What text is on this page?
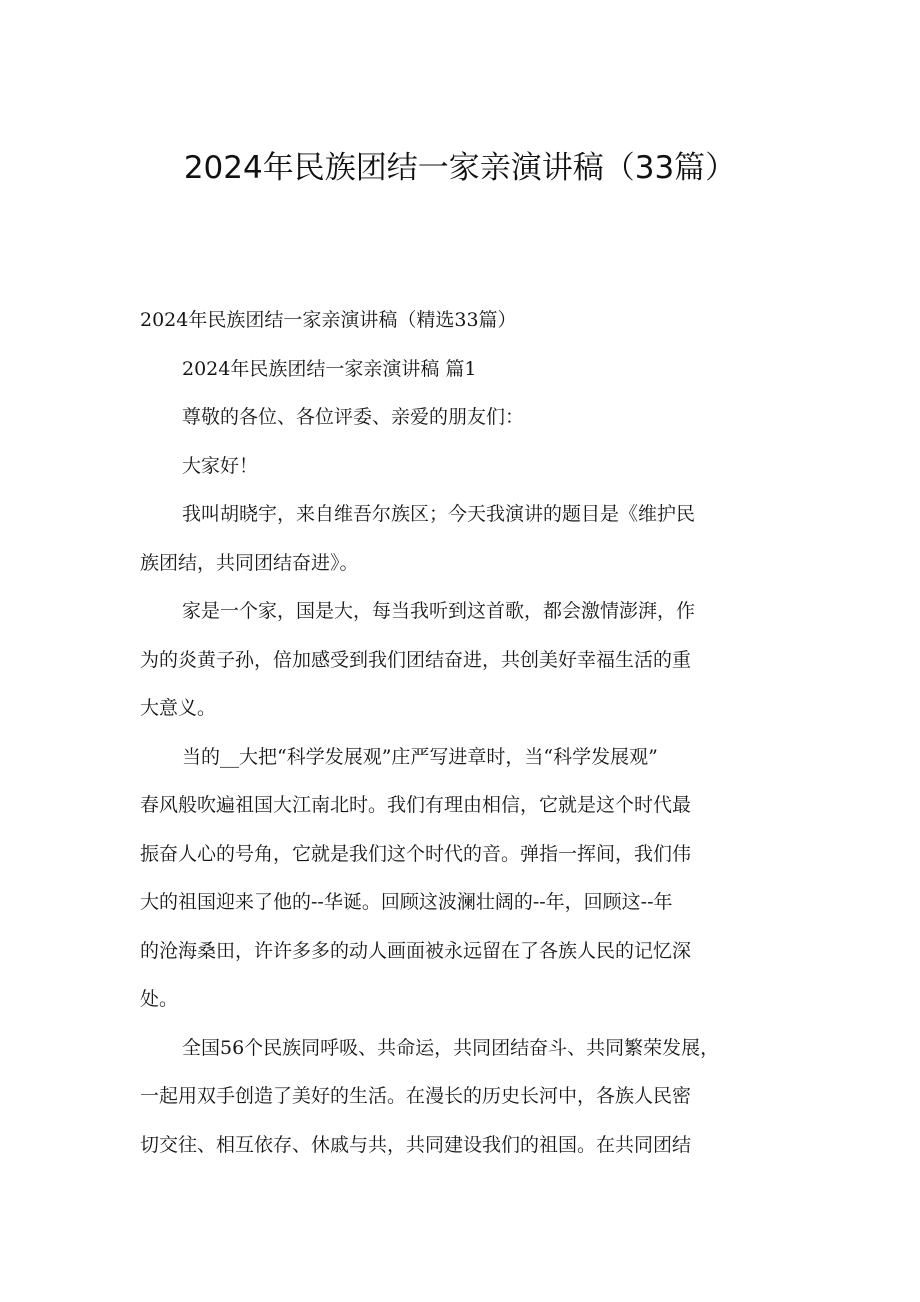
2024年民族团结一家亲演讲稿（33篇）
2024年民族团结一家亲演讲稿（精选33篇）
2024年民族团结一家亲演讲稿 篇1
尊敬的各位、各位评委、亲爱的朋友们：
大家好！
我叫胡晓宇，来自维吾尔族区；今天我演讲的题目是《维护民
族团结，共同团结奋进》。
家是一个家，国是大，每当我听到这首歌，都会激情澎湃，作
为的炎黄子孙，倍加感受到我们团结奋进，共创美好幸福生活的重
大意义。
当的__大把“科学发展观”庄严写进章时，当“科学发展观”
春风般吹遍祖国大江南北时。我们有理由相信，它就是这个时代最
振奋人心的号角，它就是我们这个时代的音。弹指一挥间，我们伟
大的祖国迎来了他的--华诞。回顾这波澜壮阔的--年，回顾这--年
的沧海桑田，许许多多的动人画面被永远留在了各族人民的记忆深
处。
全国56个民族同呼吸、共命运，共同团结奋斗、共同繁荣发展，
一起用双手创造了美好的生活。在漫长的历史长河中，各族人民密
切交往、相互依存、休戚与共，共同建设我们的祖国。在共同团结
